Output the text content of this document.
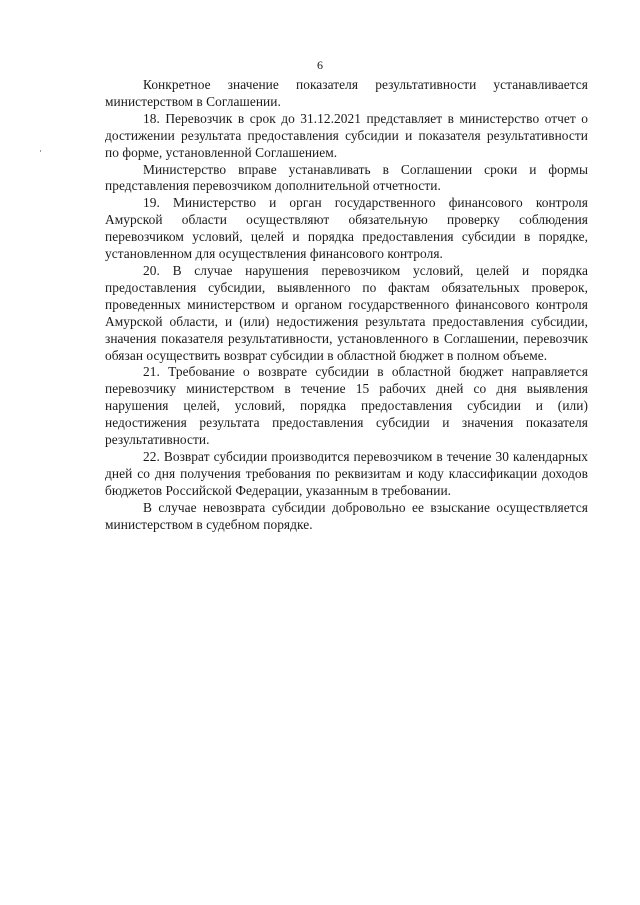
6

Конкретное значение показателя результативности устанавливается министерством в Соглашении.

18. Перевозчик в срок до 31.12.2021 представляет в министерство отчет о достижении результата предоставления субсидии и показателя результативности по форме, установленной Соглашением.

Министерство вправе устанавливать в Соглашении сроки и формы представления перевозчиком дополнительной отчетности.

19. Министерство и орган государственного финансового контроля Амурской области осуществляют обязательную проверку соблюдения перевозчиком условий, целей и порядка предоставления субсидии в порядке, установленном для осуществления финансового контроля.

20. В случае нарушения перевозчиком условий, целей и порядка предоставления субсидии, выявленного по фактам обязательных проверок, проведенных министерством и органом государственного финансового контроля Амурской области, и (или) недостижения результата предоставления субсидии, значения показателя результативности, установленного в Соглашении, перевозчик обязан осуществить возврат субсидии в областной бюджет в полном объеме.

21. Требование о возврате субсидии в областной бюджет направляется перевозчику министерством в течение 15 рабочих дней со дня выявления нарушения целей, условий, порядка предоставления субсидии и (или) недостижения результата предоставления субсидии и значения показателя результативности.

22. Возврат субсидии производится перевозчиком в течение 30 календарных дней со дня получения требования по реквизитам и коду классификации доходов бюджетов Российской Федерации, указанным в требовании.

В случае невозврата субсидии добровольно ее взыскание осуществляется министерством в судебном порядке.
